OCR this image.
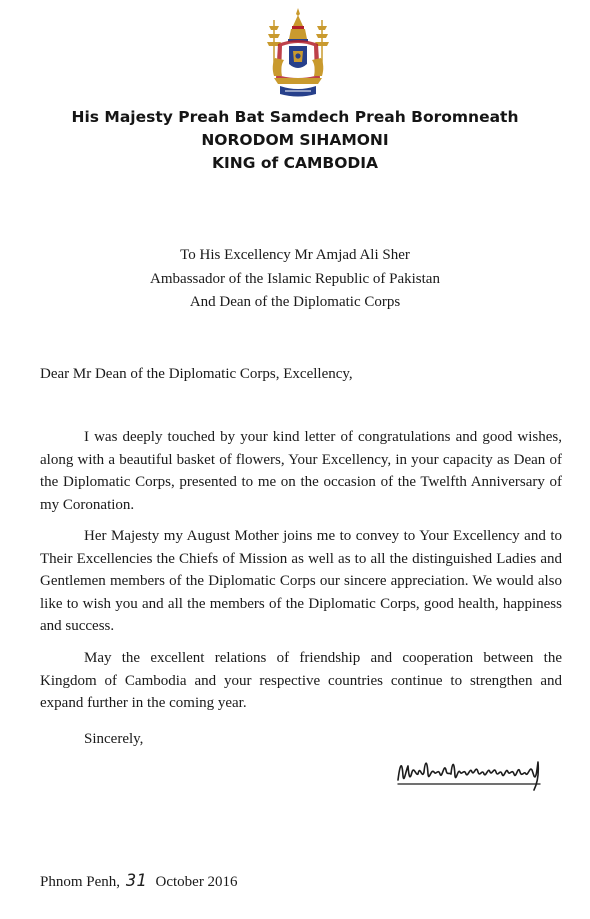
His Majesty Preah Bat Samdech Preah Boromneath
NORODOM SIHAMONI
KING of CAMBODIA
To His Excellency Mr Amjad Ali Sher
Ambassador of the Islamic Republic of Pakistan
And Dean of the Diplomatic Corps
Dear Mr Dean of the Diplomatic Corps, Excellency,
I was deeply touched by your kind letter of congratulations and good wishes, along with a beautiful basket of flowers, Your Excellency, in your capacity as Dean of the Diplomatic Corps, presented to me on the occasion of the Twelfth Anniversary of my Coronation.
Her Majesty my August Mother joins me to convey to Your Excellency and to Their Excellencies the Chiefs of Mission as well as to all the distinguished Ladies and Gentlemen members of the Diplomatic Corps our sincere appreciation. We would also like to wish you and all the members of the Diplomatic Corps, good health, happiness and success.
May the excellent relations of friendship and cooperation between the Kingdom of Cambodia and your respective countries continue to strengthen and expand further in the coming year.
Sincerely,
Phnom Penh, 31 October 2016
